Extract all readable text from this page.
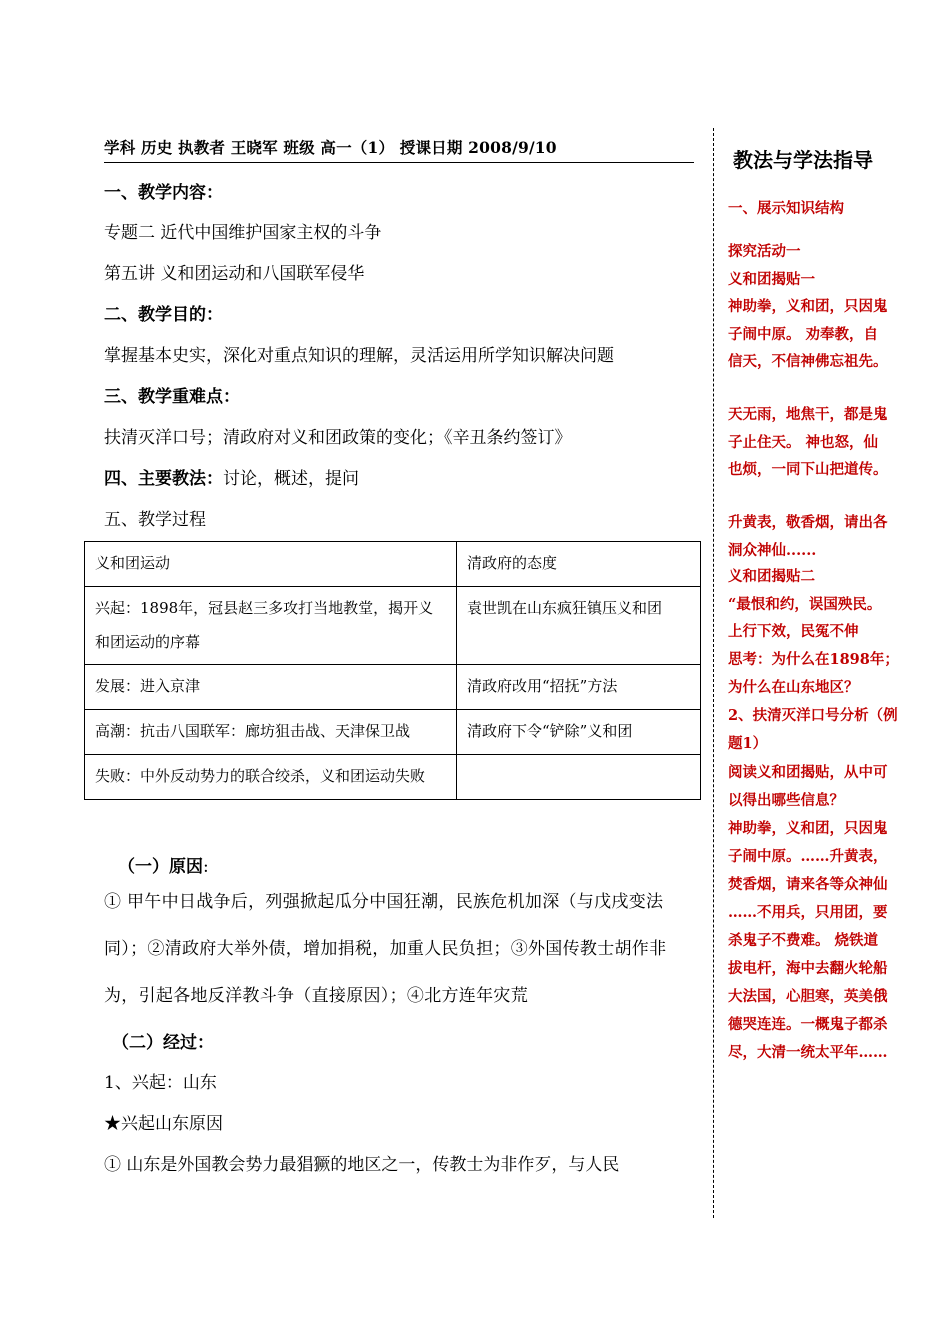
学科 历史 执教者 王晓军 班级 高一（1） 授课日期 2008/9/10
一、教学内容：
专题二 近代中国维护国家主权的斗争
第五讲 义和团运动和八国联军侵华
二、教学目的：
掌握基本史实，深化对重点知识的理解，灵活运用所学知识解决问题
三、教学重难点：
扶清灭洋口号；清政府对义和团政策的变化；《辛丑条约签订》
四、主要教法：讨论，概述，提问
五、教学过程
义和团运动	清政府的态度
兴起：1898年，冠县赵三多攻打当地教堂，揭开义和团运动的序幕	袁世凯在山东疯狂镇压义和团
发展：进入京津	清政府改用“招抚”方法
高潮：抗击八国联军：廊坊狙击战、天津保卫战	清政府下令“铲除”义和团
失败：中外反动势力的联合绞杀，义和团运动失败	
（一）原因:
① 甲午中日战争后，列强掀起瓜分中国狂潮，民族危机加深（与戊戌变法同）；②清政府大举外债，增加捐税，加重人民负担；③外国传教士胡作非为，引起各地反洋教斗争（直接原因）；④北方连年灾荒
（二）经过：
1、兴起：山东
★兴起山东原因
① 山东是外国教会势力最猖獗的地区之一，传教士为非作歹，与人民
教法与学法指导
一、展示知识结构
探究活动一
义和团揭贴一
神助拳，义和团，只因鬼
子闹中原。 劝奉教，自
信天，不信神佛忘祖先。
天无雨，地焦干，都是鬼
子止住天。 神也怒，仙
也烦，一同下山把道传。
升黄表，敬香烟，请出各
洞众神仙......
义和团揭贴二
“最恨和约，误国殃民。
上行下效，民冤不伸
思考：为什么在1898年；
为什么在山东地区？
2、扶清灭洋口号分析（例
题1）
阅读义和团揭贴，从中可
以得出哪些信息？
神助拳，义和团，只因鬼
子闹中原。……升黄表，
焚香烟，请来各等众神仙
……不用兵，只用团，要
杀鬼子不费难。 烧铁道
拔电杆，海中去翻火轮船
大法国，心胆寒，英美俄
德哭连连。一概鬼子都杀
尽，大清一统太平年……
